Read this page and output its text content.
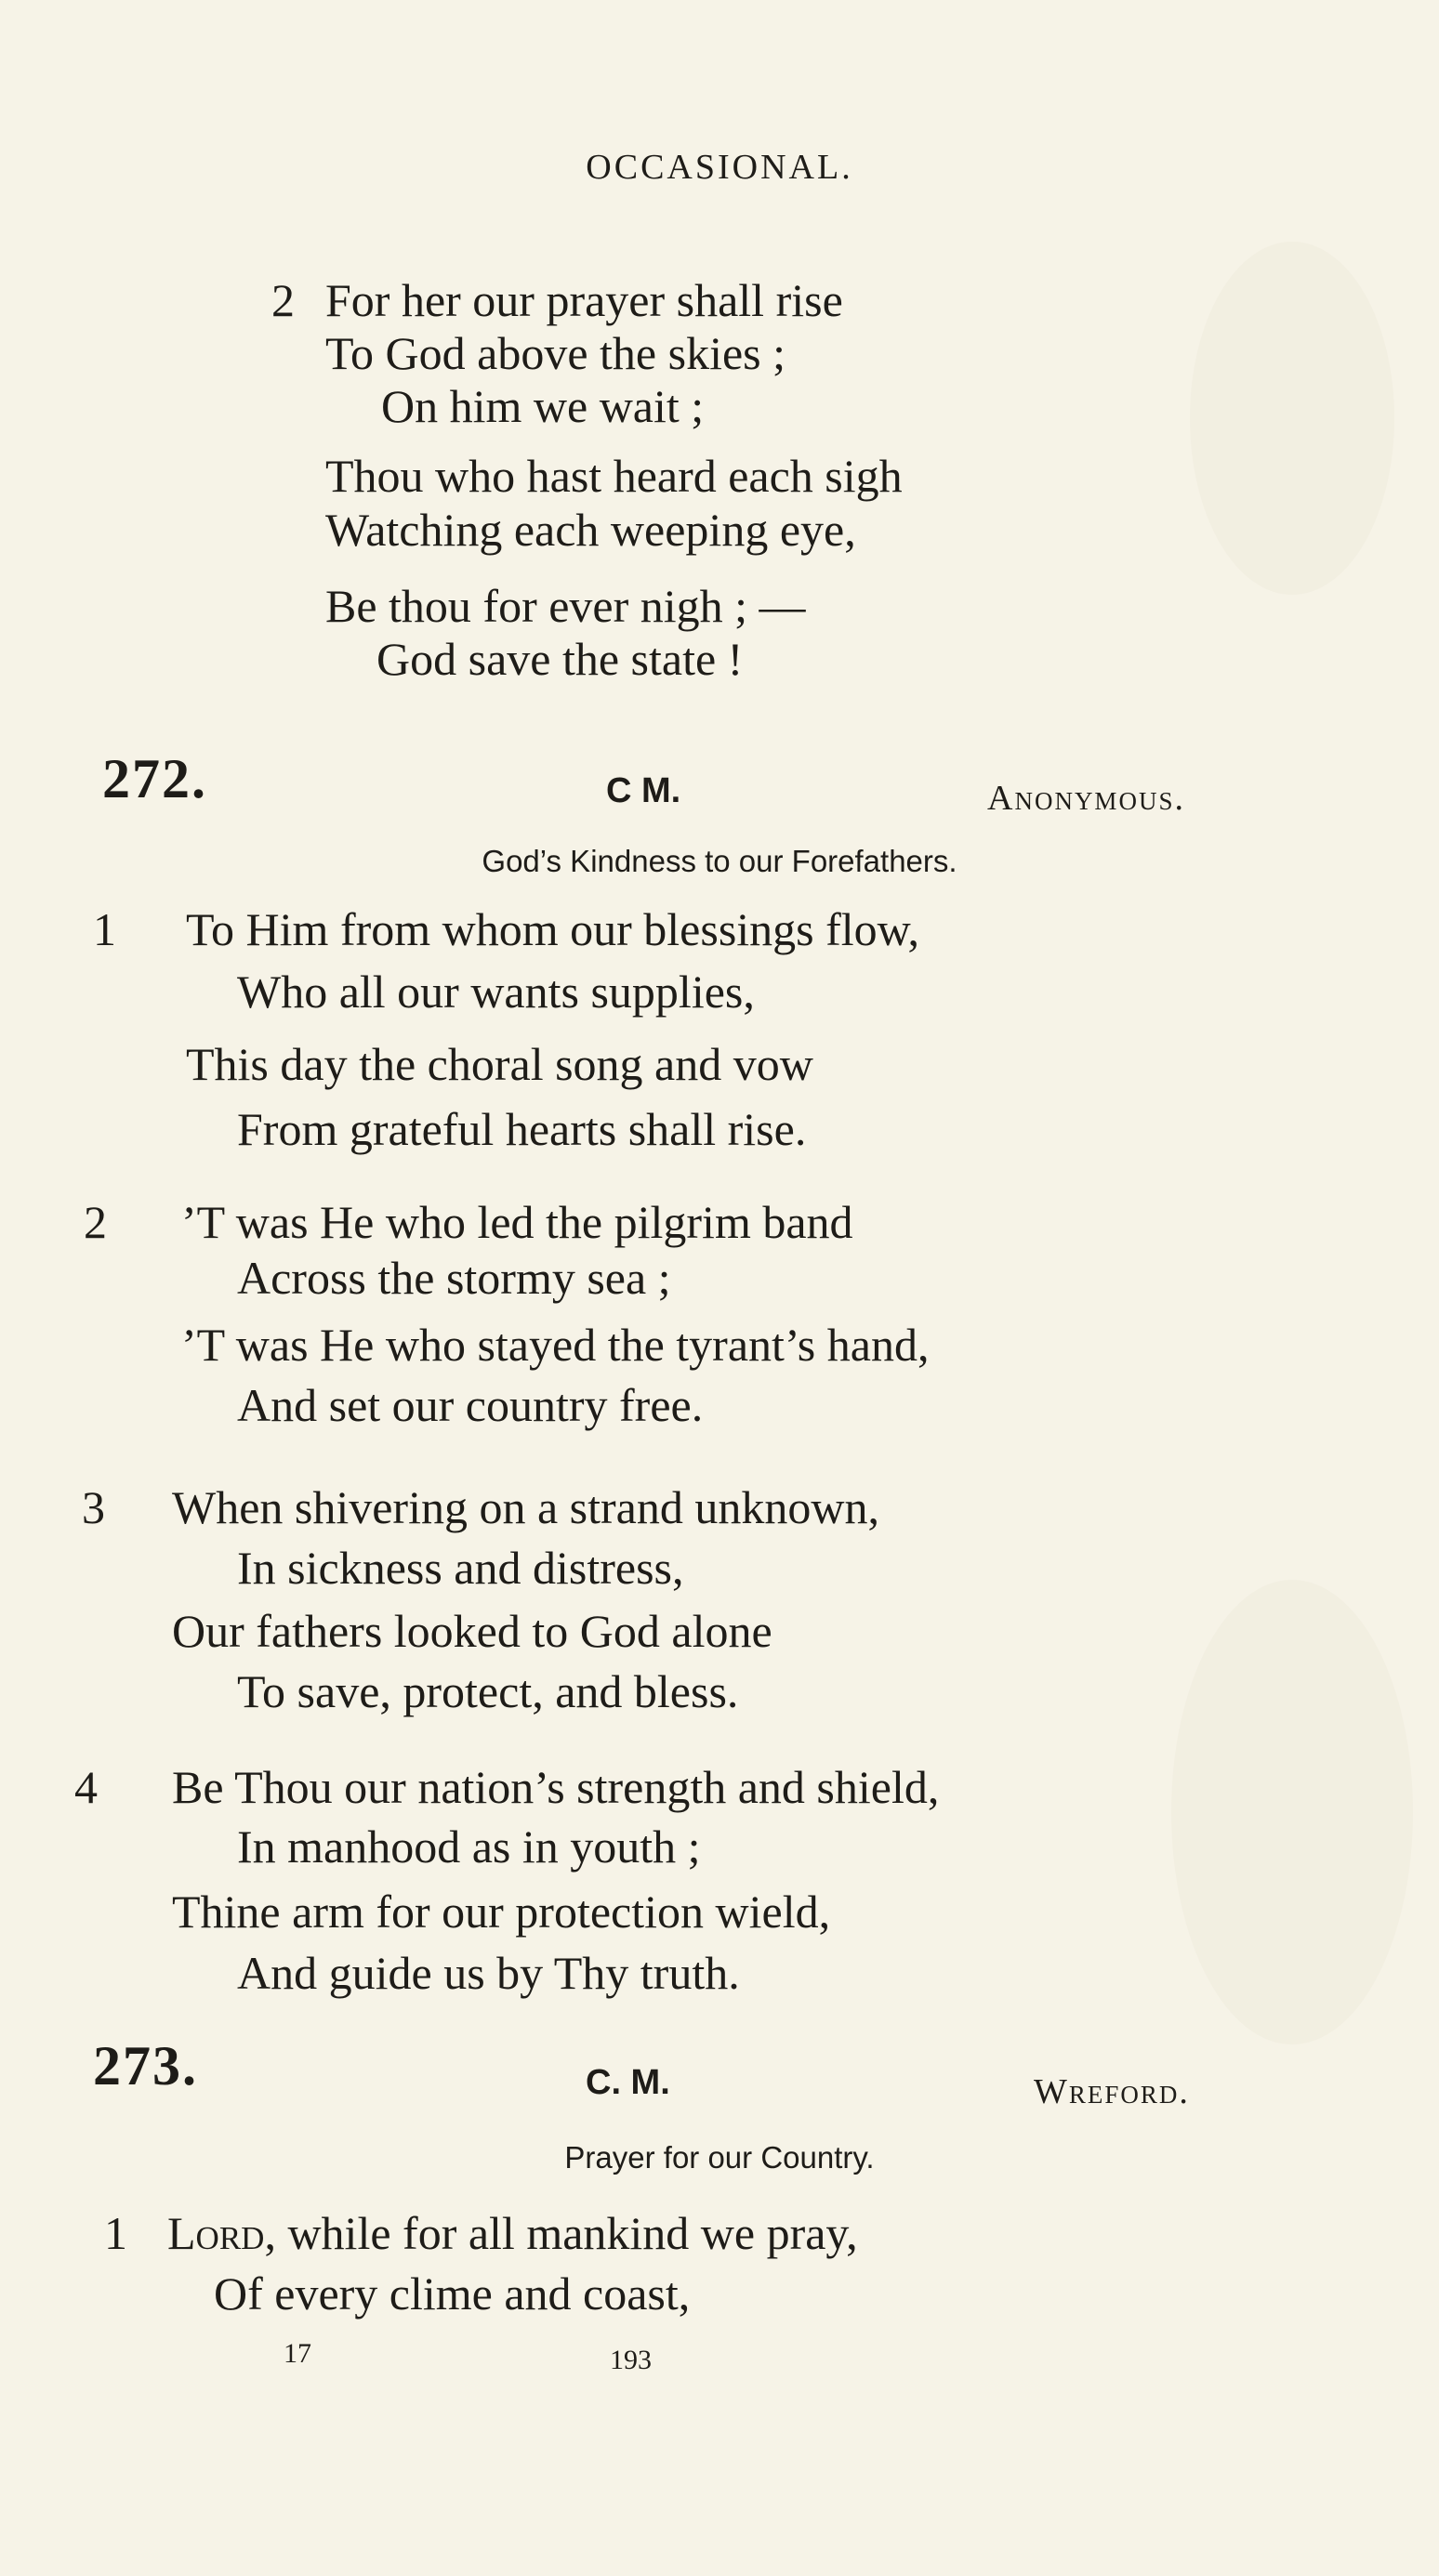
OCCASIONAL.
2 For her our prayer shall rise
To God above the skies ;
On him we wait ;
Thou who hast heard each sigh
Watching each weeping eye,
Be thou for ever nigh ; —
God save the state !
272.	C M.	Anonymous.
God’s Kindness to our Forefathers.
1 To Him from whom our blessings flow,
Who all our wants supplies,
This day the choral song and vow
From grateful hearts shall rise.
2 ’T was He who led the pilgrim band
Across the stormy sea ;
’T was He who stayed the tyrant’s hand,
And set our country free.
3 When shivering on a strand unknown,
In sickness and distress,
Our fathers looked to God alone
To save, protect, and bless.
4 Be Thou our nation’s strength and shield,
In manhood as in youth ;
Thine arm for our protection wield,
And guide us by Thy truth.
273.	C. M.	Wreford.
Prayer for our Country.
1 Lord, while for all mankind we pray,
Of every clime and coast,
17	193
